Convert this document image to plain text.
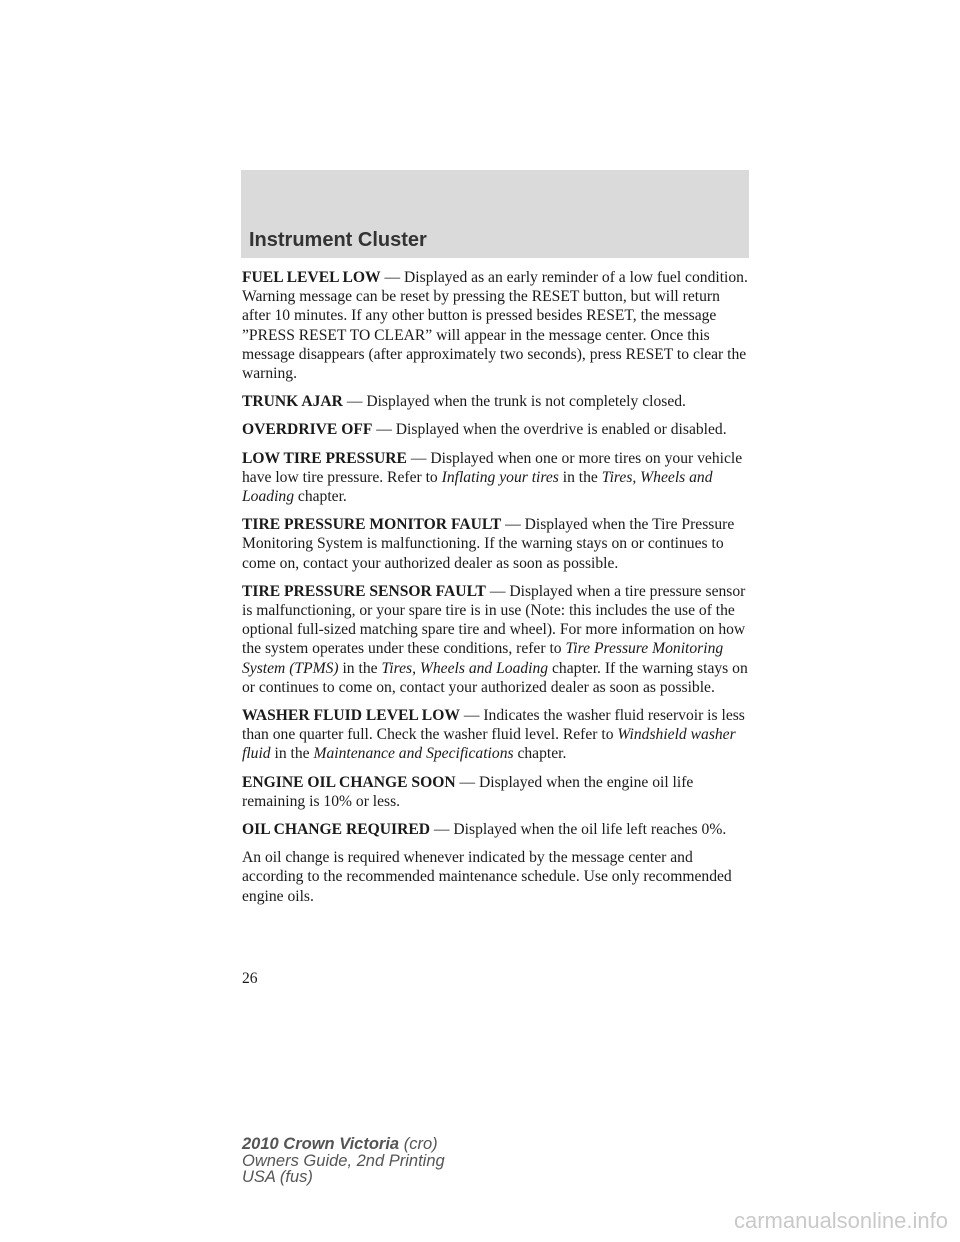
Instrument Cluster

FUEL LEVEL LOW — Displayed as an early reminder of a low fuel condition. Warning message can be reset by pressing the RESET button, but will return after 10 minutes. If any other button is pressed besides RESET, the message ”PRESS RESET TO CLEAR” will appear in the message center. Once this message disappears (after approximately two seconds), press RESET to clear the warning.

TRUNK AJAR — Displayed when the trunk is not completely closed.

OVERDRIVE OFF — Displayed when the overdrive is enabled or disabled.

LOW TIRE PRESSURE — Displayed when one or more tires on your vehicle have low tire pressure. Refer to Inflating your tires in the Tires, Wheels and Loading chapter.

TIRE PRESSURE MONITOR FAULT — Displayed when the Tire Pressure Monitoring System is malfunctioning. If the warning stays on or continues to come on, contact your authorized dealer as soon as possible.

TIRE PRESSURE SENSOR FAULT — Displayed when a tire pressure sensor is malfunctioning, or your spare tire is in use (Note: this includes the use of the optional full-sized matching spare tire and wheel). For more information on how the system operates under these conditions, refer to Tire Pressure Monitoring System (TPMS) in the Tires, Wheels and Loading chapter. If the warning stays on or continues to come on, contact your authorized dealer as soon as possible.

WASHER FLUID LEVEL LOW — Indicates the washer fluid reservoir is less than one quarter full. Check the washer fluid level. Refer to Windshield washer fluid in the Maintenance and Specifications chapter.

ENGINE OIL CHANGE SOON — Displayed when the engine oil life remaining is 10% or less.

OIL CHANGE REQUIRED — Displayed when the oil life left reaches 0%.

An oil change is required whenever indicated by the message center and according to the recommended maintenance schedule. Use only recommended engine oils.

26
2010 Crown Victoria (cro)
Owners Guide, 2nd Printing
USA (fus)
carmanualsonline.info
